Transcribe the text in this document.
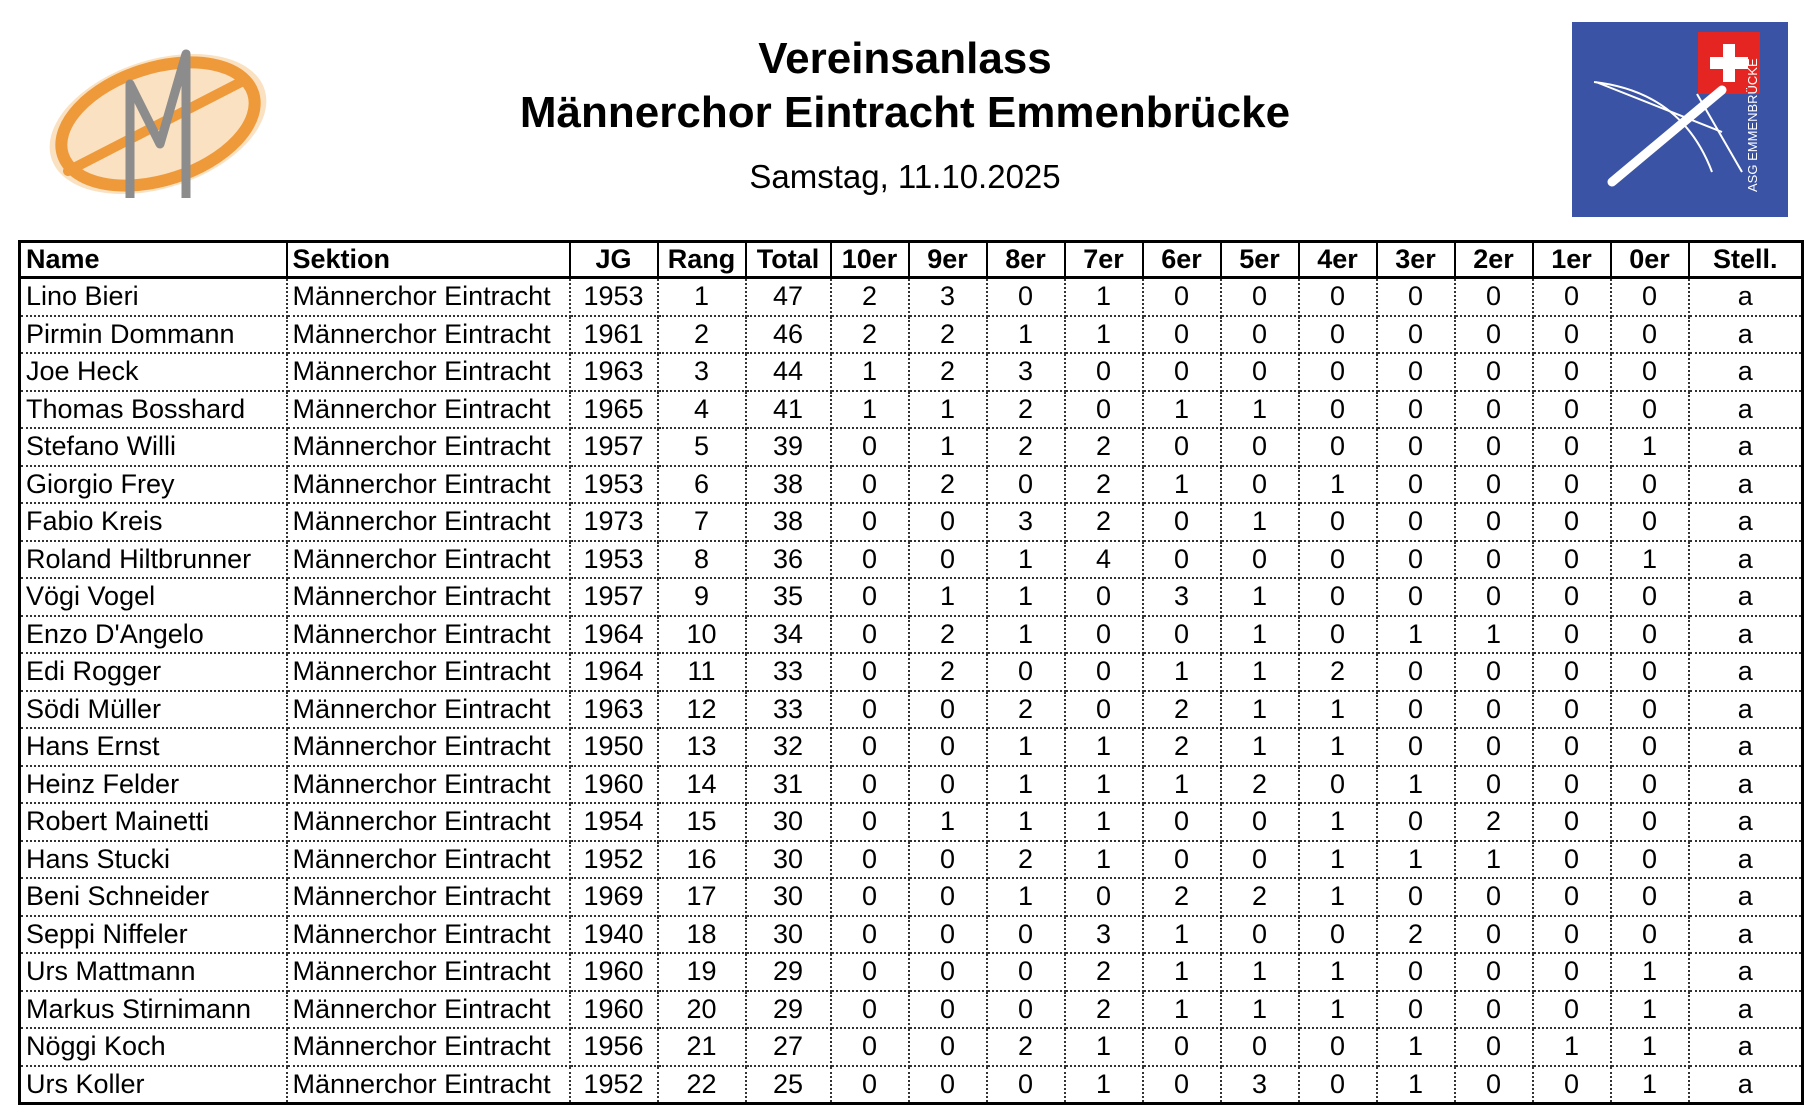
ASG EMMENBRÜCKE
Vereinsanlass
Männerchor Eintracht Emmenbrücke
Samstag, 11.10.2025
Name	Sektion	JG	Rang	Total	10er	9er	8er	7er	6er	5er	4er	3er	2er	1er	0er	Stell.
Lino Bieri	Männerchor Eintracht	1953	1	47	2	3	0	1	0	0	0	0	0	0	0	a
Pirmin Dommann	Männerchor Eintracht	1961	2	46	2	2	1	1	0	0	0	0	0	0	0	a
Joe Heck	Männerchor Eintracht	1963	3	44	1	2	3	0	0	0	0	0	0	0	0	a
Thomas Bosshard	Männerchor Eintracht	1965	4	41	1	1	2	0	1	1	0	0	0	0	0	a
Stefano Willi	Männerchor Eintracht	1957	5	39	0	1	2	2	0	0	0	0	0	0	1	a
Giorgio Frey	Männerchor Eintracht	1953	6	38	0	2	0	2	1	0	1	0	0	0	0	a
Fabio Kreis	Männerchor Eintracht	1973	7	38	0	0	3	2	0	1	0	0	0	0	0	a
Roland Hiltbrunner	Männerchor Eintracht	1953	8	36	0	0	1	4	0	0	0	0	0	0	1	a
Vögi Vogel	Männerchor Eintracht	1957	9	35	0	1	1	0	3	1	0	0	0	0	0	a
Enzo D'Angelo	Männerchor Eintracht	1964	10	34	0	2	1	0	0	1	0	1	1	0	0	a
Edi Rogger	Männerchor Eintracht	1964	11	33	0	2	0	0	1	1	2	0	0	0	0	a
Södi Müller	Männerchor Eintracht	1963	12	33	0	0	2	0	2	1	1	0	0	0	0	a
Hans Ernst	Männerchor Eintracht	1950	13	32	0	0	1	1	2	1	1	0	0	0	0	a
Heinz Felder	Männerchor Eintracht	1960	14	31	0	0	1	1	1	2	0	1	0	0	0	a
Robert Mainetti	Männerchor Eintracht	1954	15	30	0	1	1	1	0	0	1	0	2	0	0	a
Hans Stucki	Männerchor Eintracht	1952	16	30	0	0	2	1	0	0	1	1	1	0	0	a
Beni Schneider	Männerchor Eintracht	1969	17	30	0	0	1	0	2	2	1	0	0	0	0	a
Seppi Niffeler	Männerchor Eintracht	1940	18	30	0	0	0	3	1	0	0	2	0	0	0	a
Urs Mattmann	Männerchor Eintracht	1960	19	29	0	0	0	2	1	1	1	0	0	0	1	a
Markus Stirnimann	Männerchor Eintracht	1960	20	29	0	0	0	2	1	1	1	0	0	0	1	a
Nöggi Koch	Männerchor Eintracht	1956	21	27	0	0	2	1	0	0	0	1	0	1	1	a
Urs Koller	Männerchor Eintracht	1952	22	25	0	0	0	1	0	3	0	1	0	0	1	a
